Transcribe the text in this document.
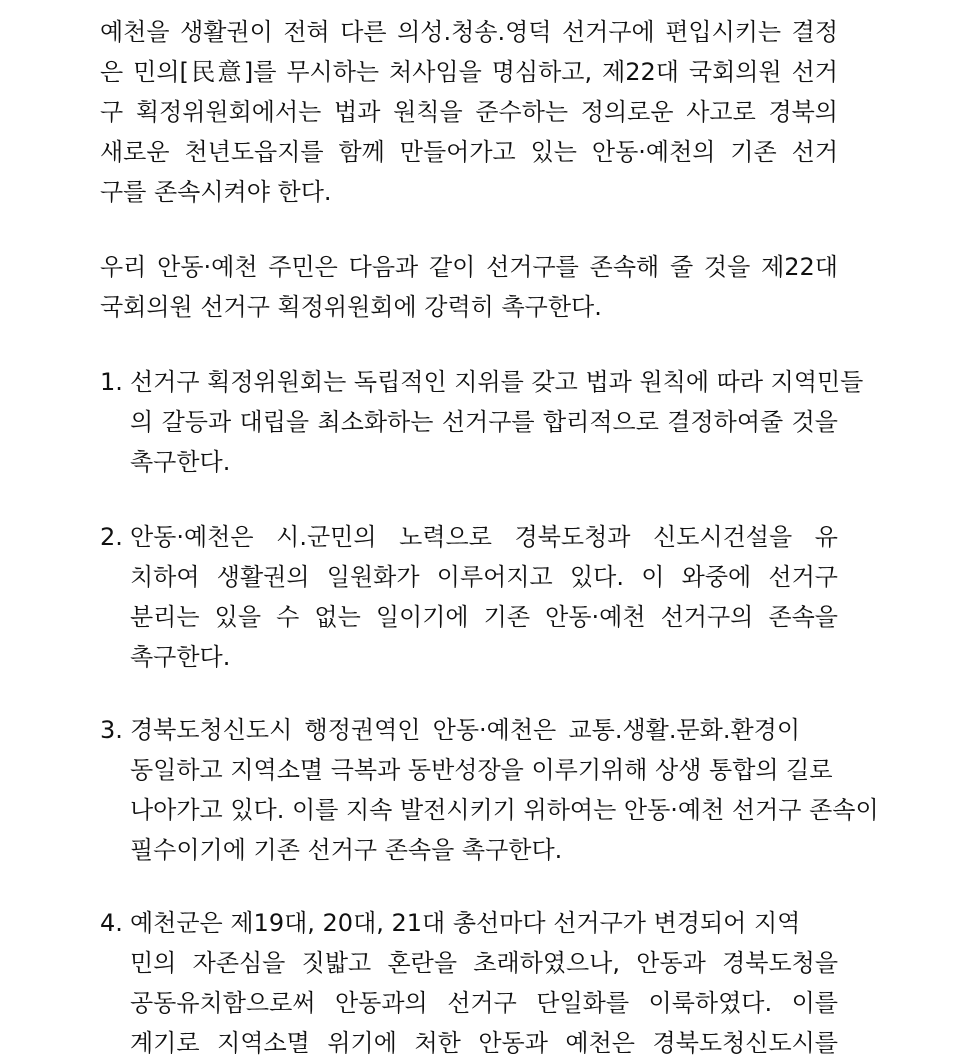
예천을 생활권이 전혀 다른 의성.청송.영덕 선거구에 편입시키는 결정
은 민의[民意]를 무시하는 처사임을 명심하고, 제22대 국회의원 선거
구 획정위원회에서는 법과 원칙을 준수하는 정의로운 사고로 경북의
새로운 천년도읍지를 함께 만들어가고 있는 안동·예천의 기존 선거
구를 존속시켜야 한다.
우리 안동·예천 주민은 다음과 같이 선거구를 존속해 줄 것을 제22대
국회의원 선거구 획정위원회에 강력히 촉구한다.
1. 선거구 획정위원회는 독립적인 지위를 갖고 법과 원칙에 따라 지역민들
의 갈등과 대립을 최소화하는 선거구를 합리적으로 결정하여줄 것을
촉구한다.
2. 안동·예천은 시.군민의 노력으로 경북도청과 신도시건설을 유
치하여 생활권의 일원화가 이루어지고 있다. 이 와중에 선거구
분리는 있을 수 없는 일이기에 기존 안동·예천 선거구의 존속을
촉구한다.
3. 경북도청신도시 행정권역인 안동·예천은 교통.생활.문화.환경이
동일하고 지역소멸 극복과 동반성장을 이루기위해 상생 통합의 길로
나아가고 있다. 이를 지속 발전시키기 위하여는 안동·예천 선거구 존속이
필수이기에 기존 선거구 존속을 촉구한다.
4. 예천군은 제19대, 20대, 21대 총선마다 선거구가 변경되어 지역
민의 자존심을 짓밟고 혼란을 초래하였으나, 안동과 경북도청을
공동유치함으로써 안동과의 선거구 단일화를 이룩하였다. 이를
계기로 지역소멸 위기에 처한 안동과 예천은 경북도청신도시를
